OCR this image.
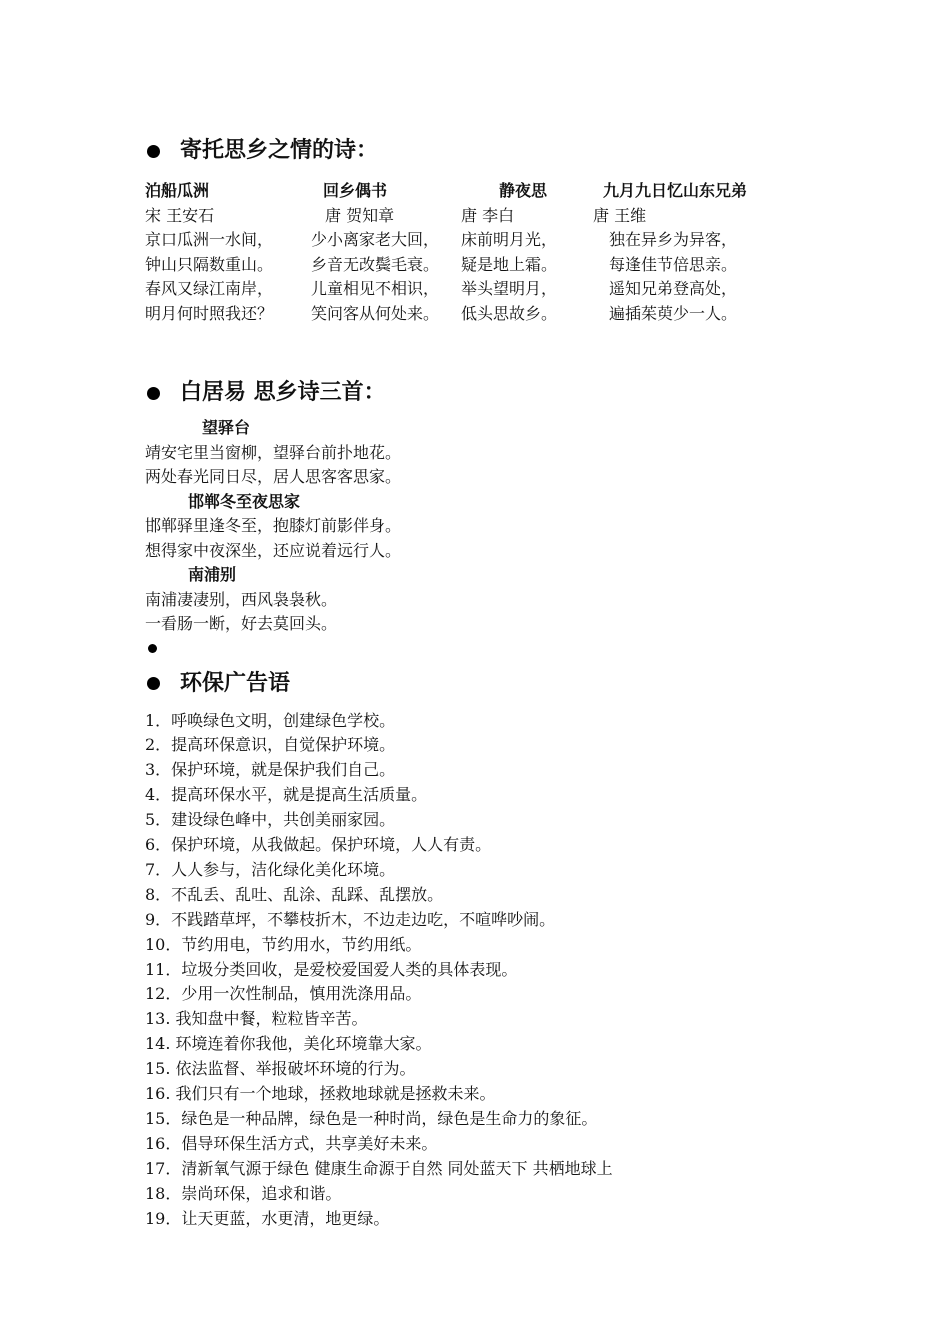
寄托思乡之情的诗：
泊船瓜洲
宋 王安石
京口瓜洲一水间，
钟山只隔数重山。
春风又绿江南岸，
明月何时照我还？
回乡偶书
唐 贺知章
少小离家老大回，
乡音无改鬓毛衰。
儿童相见不相识，
笑问客从何处来。
静夜思
唐 李白
床前明月光，
疑是地上霜。
举头望明月，
低头思故乡。
九月九日忆山东兄弟
唐 王维
独在异乡为异客，
每逢佳节倍思亲。
遥知兄弟登高处，
遍插茱萸少一人。
白居易 思乡诗三首：
望驿台
靖安宅里当窗柳，望驿台前扑地花。
两处春光同日尽，居人思客客思家。
邯郸冬至夜思家
邯郸驿里逢冬至，抱膝灯前影伴身。
想得家中夜深坐，还应说着远行人。
南浦别
南浦凄凄别，西风袅袅秋。
一看肠一断，好去莫回头。
环保广告语
1．呼唤绿色文明，创建绿色学校。
2．提高环保意识，自觉保护环境。
3．保护环境，就是保护我们自己。
4．提高环保水平，就是提高生活质量。
5．建设绿色峰中，共创美丽家园。
6．保护环境，从我做起。保护环境，人人有责。
7．人人参与，洁化绿化美化环境。
8．不乱丢、乱吐、乱涂、乱踩、乱摆放。
9．不践踏草坪，不攀枝折木，不边走边吃，不喧哗吵闹。
10．节约用电，节约用水，节约用纸。
11．垃圾分类回收，是爱校爱国爱人类的具体表现。
12．少用一次性制品，慎用洗涤用品。
13. 我知盘中餐，粒粒皆辛苦。
14. 环境连着你我他，美化环境靠大家。
15. 依法监督、举报破坏环境的行为。
16. 我们只有一个地球，拯救地球就是拯救未来。
15．绿色是一种品牌，绿色是一种时尚，绿色是生命力的象征。
16．倡导环保生活方式，共享美好未来。
17．清新氧气源于绿色 健康生命源于自然 同处蓝天下 共栖地球上
18．崇尚环保，追求和谐。
19．让天更蓝，水更清，地更绿。
